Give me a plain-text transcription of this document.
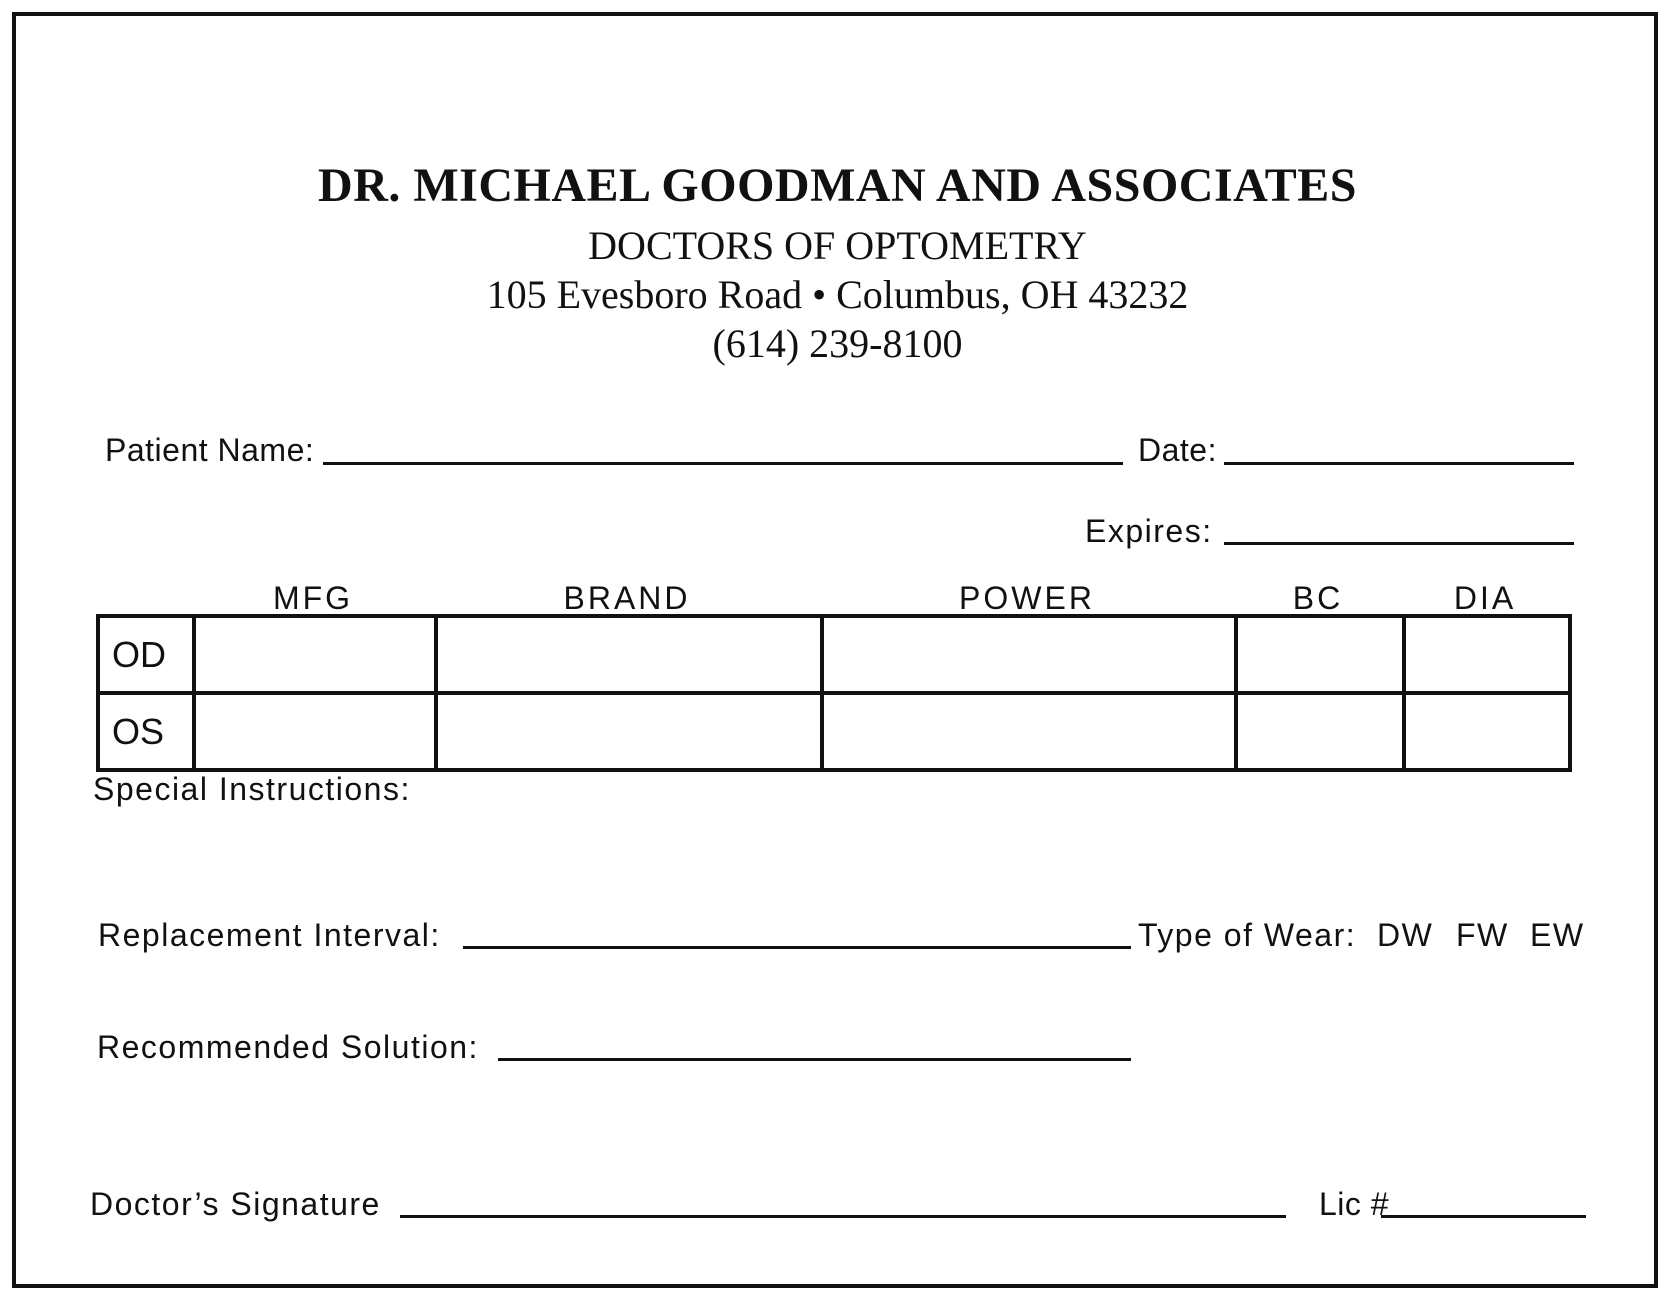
DR. MICHAEL GOODMAN AND ASSOCIATES
DOCTORS OF OPTOMETRY
105 Evesboro Road • Columbus, OH 43232
(614) 239-8100
Patient Name:	Date:
Expires:
MFG	BRAND	POWER	BC	DIA
OD					
OS					
Special Instructions:
Replacement Interval:	Type of Wear: DW FW EW
Recommended Solution:
Doctor’s Signature	Lic #
